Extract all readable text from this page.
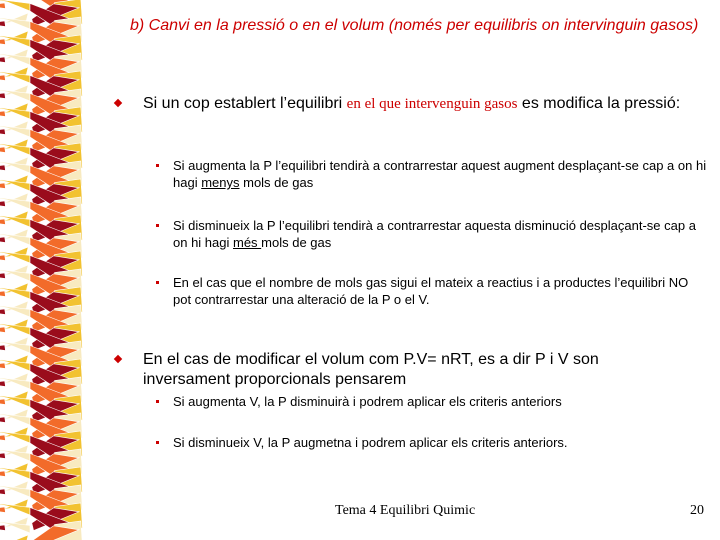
b) Canvi en la pressió o en el volum (només per equilibris on intervinguin gasos)
Si un cop establert l’equilibri en el que intervenguin gasos es modifica la pressió:
Si augmenta la P l’equilibri tendirà a contrarrestar aquest augment desplaçant-se cap a on hi hagi menys mols de gas
Si disminueix la P l’equilibri tendirà a contrarrestar aquesta disminució desplaçant-se cap a on hi hagi més mols de gas
En el cas que el nombre de mols gas sigui el mateix a reactius i a productes l’equilibri NO pot contrarrestar una alteració de la P o el V.
En el cas de modificar el volum com P.V= nRT, es a dir P i V son inversament proporcionals pensarem
Si augmenta V, la P disminuirà i podrem aplicar els criteris anteriors
Si disminueix V, la P augmetna i podrem aplicar els criteris anteriors.
Tema 4 Equilibri Quimic	20
